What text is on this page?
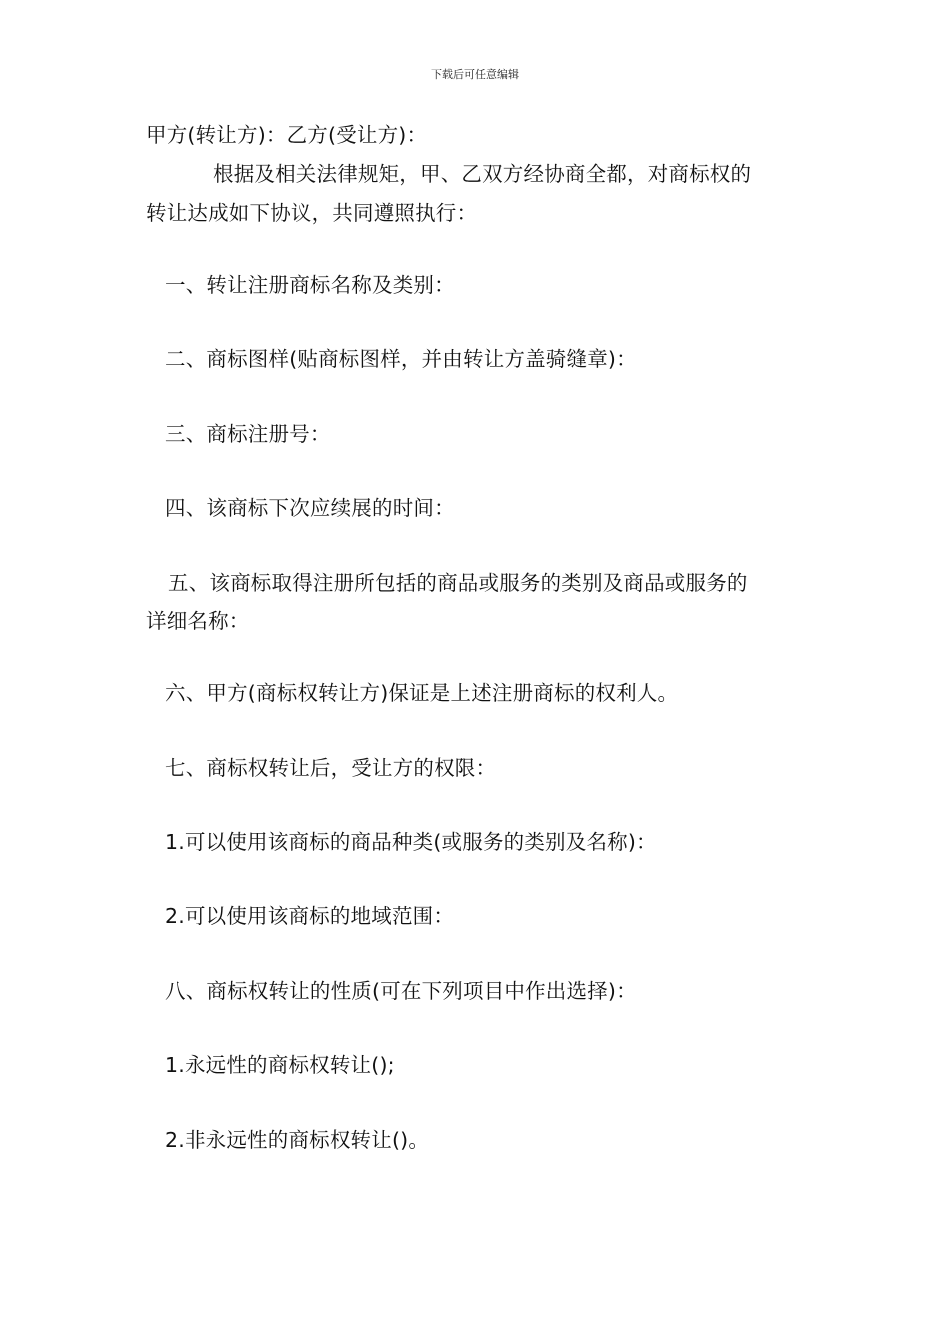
下载后可任意编辑
甲方(转让方)：乙方(受让方)：
根据及相关法律规矩，甲、乙双方经协商全都，对商标权的
转让达成如下协议，共同遵照执行：
一、转让注册商标名称及类别：
二、商标图样(贴商标图样，并由转让方盖骑缝章)：
三、商标注册号：
四、该商标下次应续展的时间：
五、该商标取得注册所包括的商品或服务的类别及商品或服务的
详细名称：
六、甲方(商标权转让方)保证是上述注册商标的权利人。
七、商标权转让后，受让方的权限：
1.可以使用该商标的商品种类(或服务的类别及名称)：
2.可以使用该商标的地域范围：
八、商标权转让的性质(可在下列项目中作出选择)：
1.永远性的商标权转让();
2.非永远性的商标权转让()。
